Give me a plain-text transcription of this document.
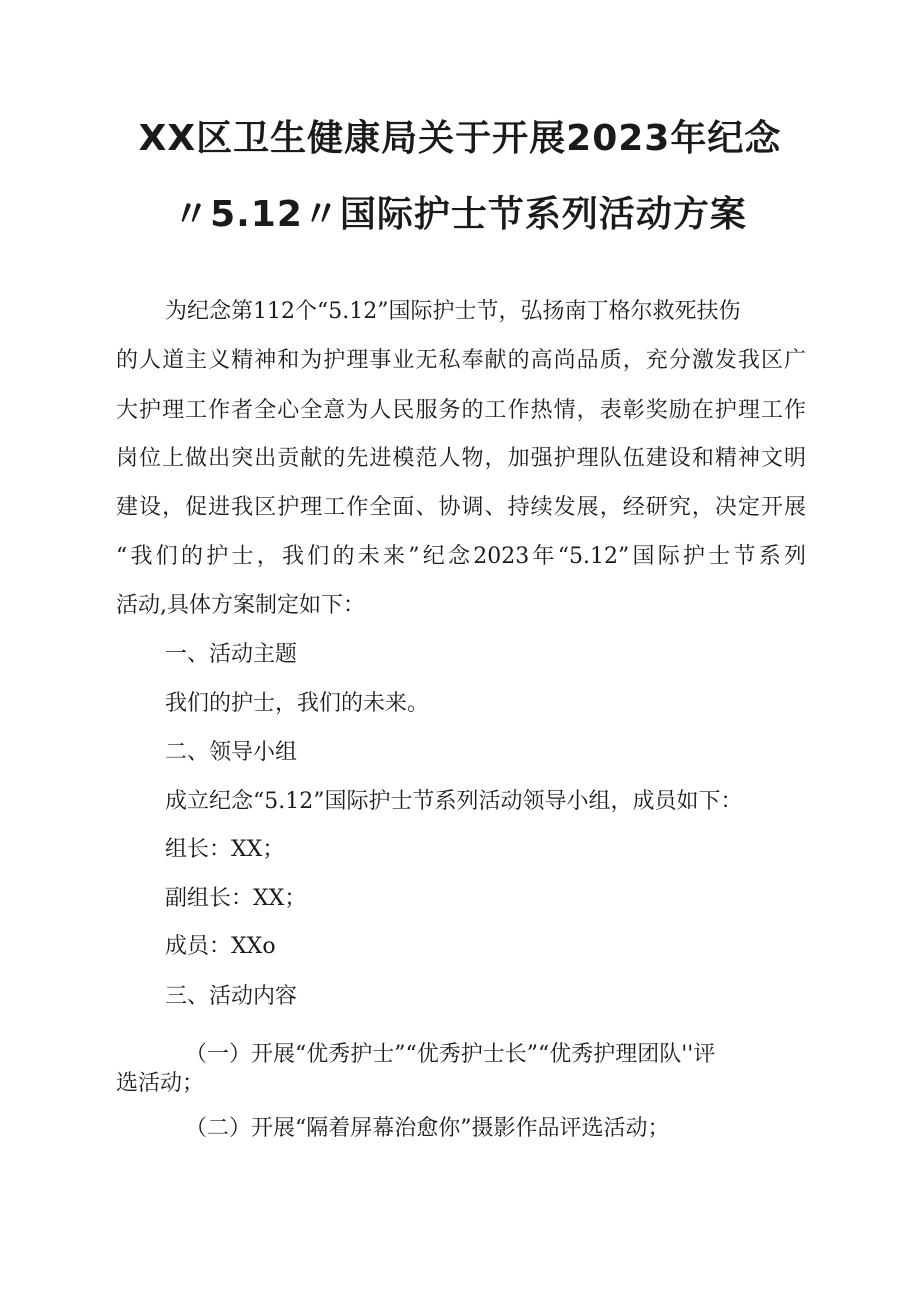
XX区卫生健康局关于开展2023年纪念
〃5.12〃国际护士节系列活动方案
为纪念第112个“5.12”国际护士节，弘扬南丁格尔救死扶伤
的人道主义精神和为护理事业无私奉献的高尚品质，充分激发我区广
大护理工作者全心全意为人民服务的工作热情，表彰奖励在护理工作
岗位上做出突出贡献的先进模范人物，加强护理队伍建设和精神文明
建设，促进我区护理工作全面、协调、持续发展，经研究，决定开展
“我们的护士，我们的未来”纪念2023年“5.12”国际护士节系列
活动,具体方案制定如下：
一、活动主题
我们的护士，我们的未来。
二、领导小组
成立纪念“5.12”国际护士节系列活动领导小组，成员如下：
组长：XX；
副组长：XX；
成员：XXo
三、活动内容
（一）开展“优秀护士”“优秀护士长”“优秀护理团队''评
选活动；
（二）开展“隔着屏幕治愈你”摄影作品评选活动；
